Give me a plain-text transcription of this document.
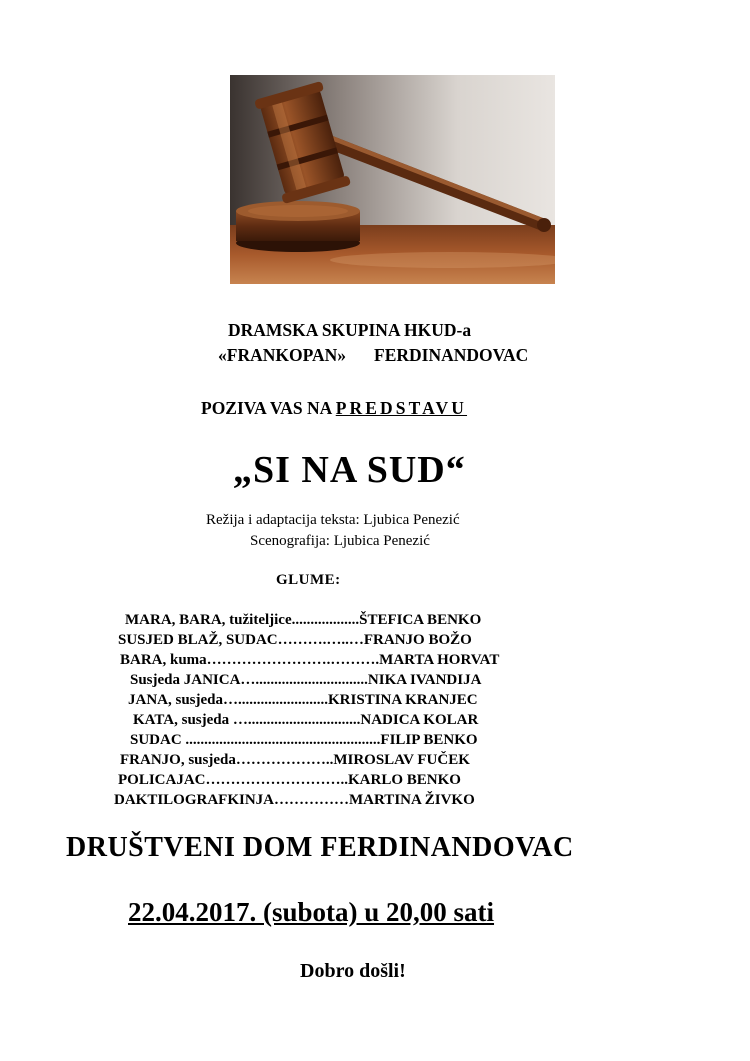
DRAMSKA SKUPINA HKUD-a
«FRANKOPAN» FERDINANDOVAC
POZIVA VAS NA PREDSTAVU
„SI NA SUD“
Režija i adaptacija teksta: Ljubica Penezić
Scenografija: Ljubica Penezić
GLUME:
MARA, BARA, tužiteljice..................ŠTEFICA BENKO
SUSJED BLAŽ, SUDAC……….…..…FRANJO BOŽO
BARA, kuma…………………….……….MARTA HORVAT
Susjeda JANICA…..............................NIKA IVANDIJA
JANA, susjeda…........................KRISTINA KRANJEC
KATA, susjeda …..............................NADICA KOLAR
SUDAC ....................................................FILIP BENKO
FRANJO, susjeda………………..MIROSLAV FUČEK
POLICAJAC………………………..KARLO BENKO
DAKTILOGRAFKINJA……………MARTINA ŽIVKO
DRUŠTVENI DOM FERDINANDOVAC
22.04.2017. (subota) u 20,00 sati
Dobro došli!
